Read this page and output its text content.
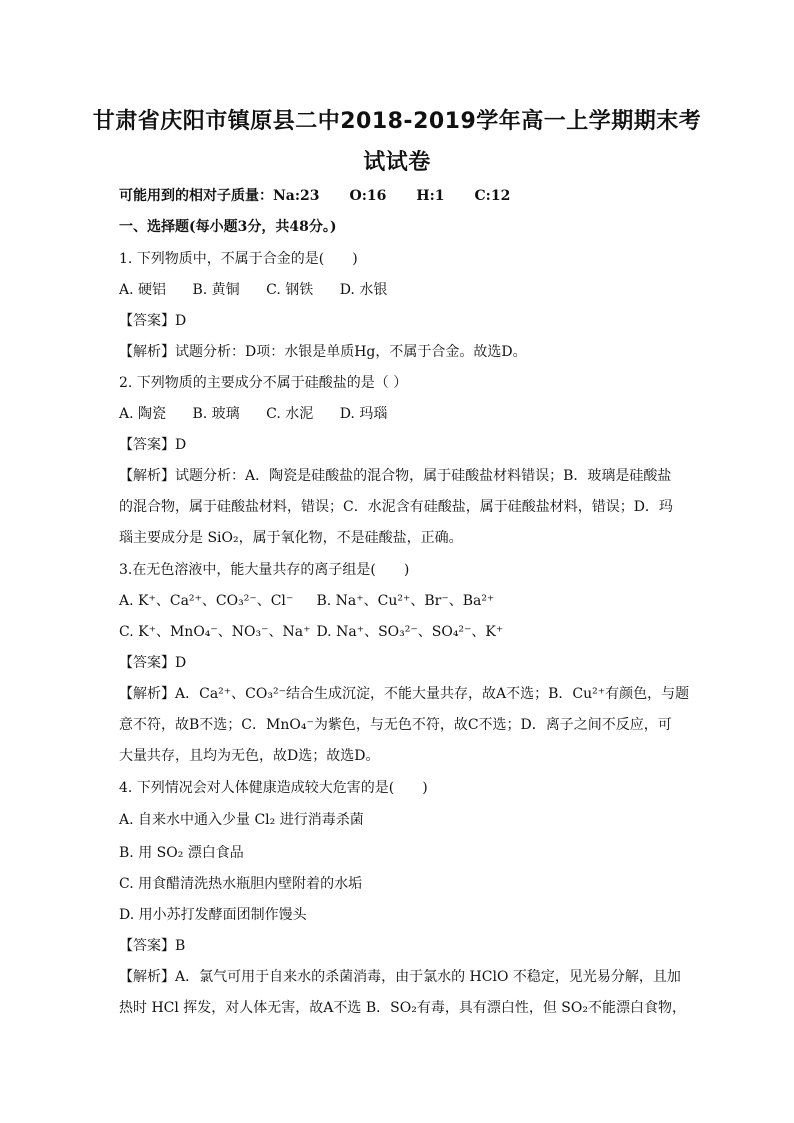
甘肃省庆阳市镇原县二中2018-2019学年高一上学期期末考
试试卷
可能用到的相对子质量：Na:23 O:16 H:1 C:12
一、选择题(每小题3分，共48分。)
1. 下列物质中，不属于合金的是(　　)
A. 硬铝 B. 黄铜 C. 钢铁 D. 水银
【答案】D
【解析】试题分析：D项：水银是单质Hg，不属于合金。故选D。
2. 下列物质的主要成分不属于硅酸盐的是（ ）
A. 陶瓷 B. 玻璃 C. 水泥 D. 玛瑙
【答案】D
【解析】试题分析：A．陶瓷是硅酸盐的混合物，属于硅酸盐材料错误；B．玻璃是硅酸盐
的混合物，属于硅酸盐材料，错误；C．水泥含有硅酸盐，属于硅酸盐材料，错误；D．玛
瑙主要成分是 SiO₂，属于氧化物，不是硅酸盐，正确。
3.在无色溶液中，能大量共存的离子组是(　　)
A. K⁺、Ca²⁺、CO₃²⁻、Cl⁻ B. Na⁺、Cu²⁺、Br⁻、Ba²⁺
C. K⁺、MnO₄⁻、NO₃⁻、Na⁺ D. Na⁺、SO₃²⁻、SO₄²⁻、K⁺
【答案】D
【解析】A．Ca²⁺、CO₃²⁻结合生成沉淀，不能大量共存，故A不选；B．Cu²⁺有颜色，与题
意不符，故B不选；C．MnO₄⁻为紫色，与无色不符，故C不选；D．离子之间不反应，可
大量共存，且均为无色，故D选；故选D。
4. 下列情况会对人体健康造成较大危害的是(　　)
A. 自来水中通入少量 Cl₂ 进行消毒杀菌
B. 用 SO₂ 漂白食品
C. 用食醋清洗热水瓶胆内壁附着的水垢
D. 用小苏打发酵面团制作馒头
【答案】B
【解析】A．氯气可用于自来水的杀菌消毒，由于氯水的 HClO 不稳定，见光易分解，且加
热时 HCl 挥发，对人体无害，故A不选 B．SO₂有毒，具有漂白性，但 SO₂不能漂白食物，
